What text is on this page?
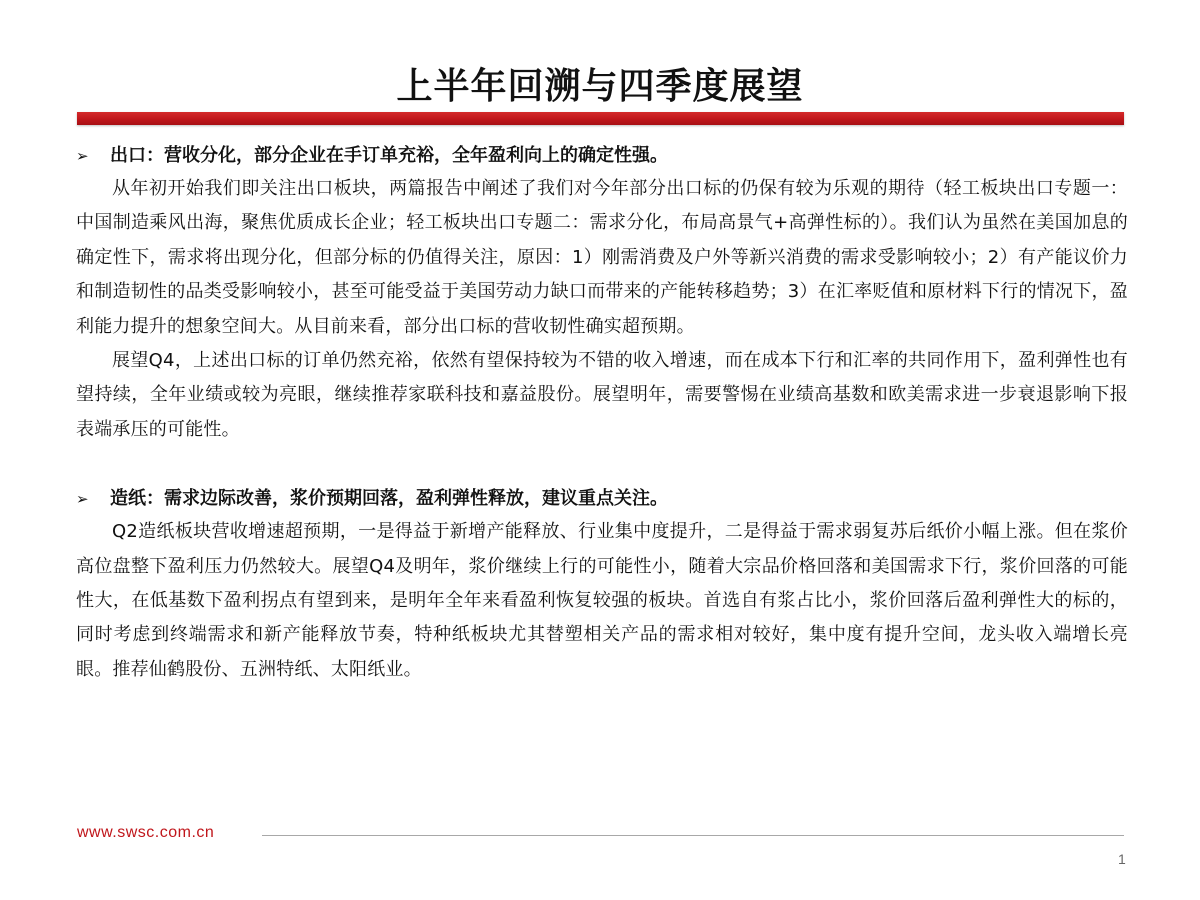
上半年回溯与四季度展望

➢	出口：营收分化，部分企业在手订单充裕，全年盈利向上的确定性强。

从年初开始我们即关注出口板块，两篇报告中阐述了我们对今年部分出口标的仍保有较为乐观的期待（轻工板块出口专题一：中国制造乘风出海，聚焦优质成长企业；轻工板块出口专题二：需求分化，布局高景气+高弹性标的）。我们认为虽然在美国加息的确定性下，需求将出现分化，但部分标的仍值得关注，原因：1）刚需消费及户外等新兴消费的需求受影响较小；2）有产能议价力和制造韧性的品类受影响较小，甚至可能受益于美国劳动力缺口而带来的产能转移趋势；3）在汇率贬值和原材料下行的情况下，盈利能力提升的想象空间大。从目前来看，部分出口标的营收韧性确实超预期。

展望Q4，上述出口标的订单仍然充裕，依然有望保持较为不错的收入增速，而在成本下行和汇率的共同作用下，盈利弹性也有望持续，全年业绩或较为亮眼，继续推荐家联科技和嘉益股份。展望明年，需要警惕在业绩高基数和欧美需求进一步衰退影响下报表端承压的可能性。

➢	造纸：需求边际改善，浆价预期回落，盈利弹性释放，建议重点关注。

Q2造纸板块营收增速超预期，一是得益于新增产能释放、行业集中度提升，二是得益于需求弱复苏后纸价小幅上涨。但在浆价高位盘整下盈利压力仍然较大。展望Q4及明年，浆价继续上行的可能性小，随着大宗品价格回落和美国需求下行，浆价回落的可能性大，在低基数下盈利拐点有望到来，是明年全年来看盈利恢复较强的板块。首选自有浆占比小，浆价回落后盈利弹性大的标的，同时考虑到终端需求和新产能释放节奏，特种纸板块尤其替塑相关产品的需求相对较好，集中度有提升空间，龙头收入端增长亮眼。推荐仙鹤股份、五洲特纸、太阳纸业。

www.swsc.com.cn
1
